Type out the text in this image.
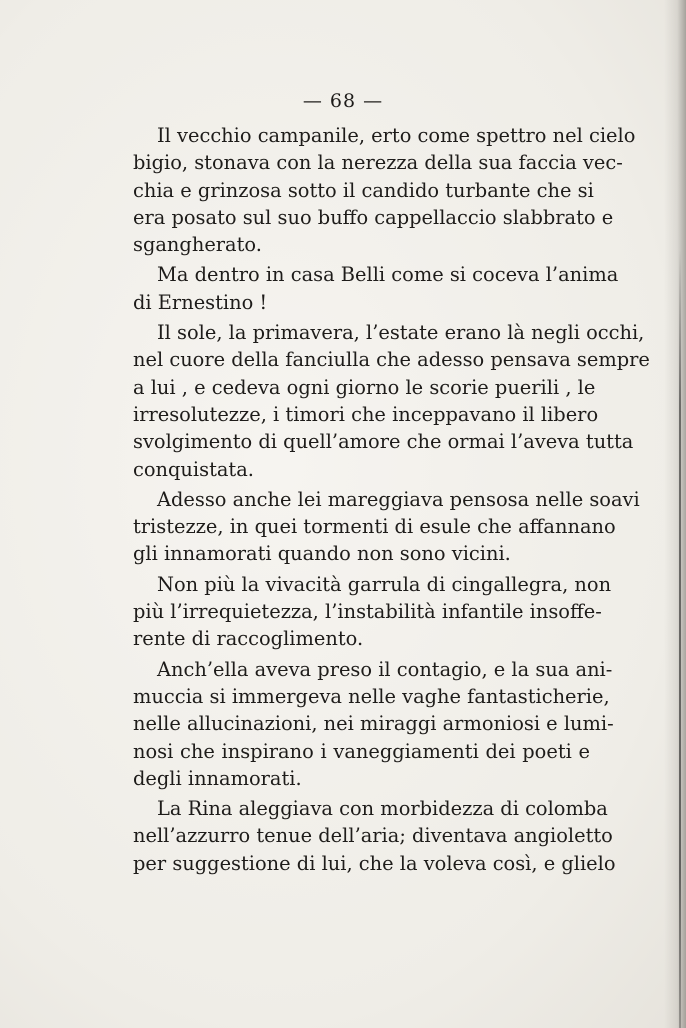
— 68 —
Il vecchio campanile, erto come spettro nel cielo
bigio, stonava con la nerezza della sua faccia vec-
chia e grinzosa sotto il candido turbante che si
era posato sul suo buffo cappellaccio slabbrato e
sgangherato.
Ma dentro in casa Belli come si coceva l’anima
di Ernestino !
Il sole, la primavera, l’estate erano là negli occhi,
nel cuore della fanciulla che adesso pensava sempre
a lui , e cedeva ogni giorno le scorie puerili , le
irresolutezze, i timori che inceppavano il libero
svolgimento di quell’amore che ormai l’aveva tutta
conquistata.
Adesso anche lei mareggiava pensosa nelle soavi
tristezze, in quei tormenti di esule che affannano
gli innamorati quando non sono vicini.
Non più la vivacità garrula di cingallegra, non
più l’irrequietezza, l’instabilità infantile insoffe-
rente di raccoglimento.
Anch’ella aveva preso il contagio, e la sua ani-
muccia si immergeva nelle vaghe fantasticherie,
nelle allucinazioni, nei miraggi armoniosi e lumi-
nosi che inspirano i vaneggiamenti dei poeti e
degli innamorati.
La Rina aleggiava con morbidezza di colomba
nell’azzurro tenue dell’aria; diventava angioletto
per suggestione di lui, che la voleva così, e glielo
